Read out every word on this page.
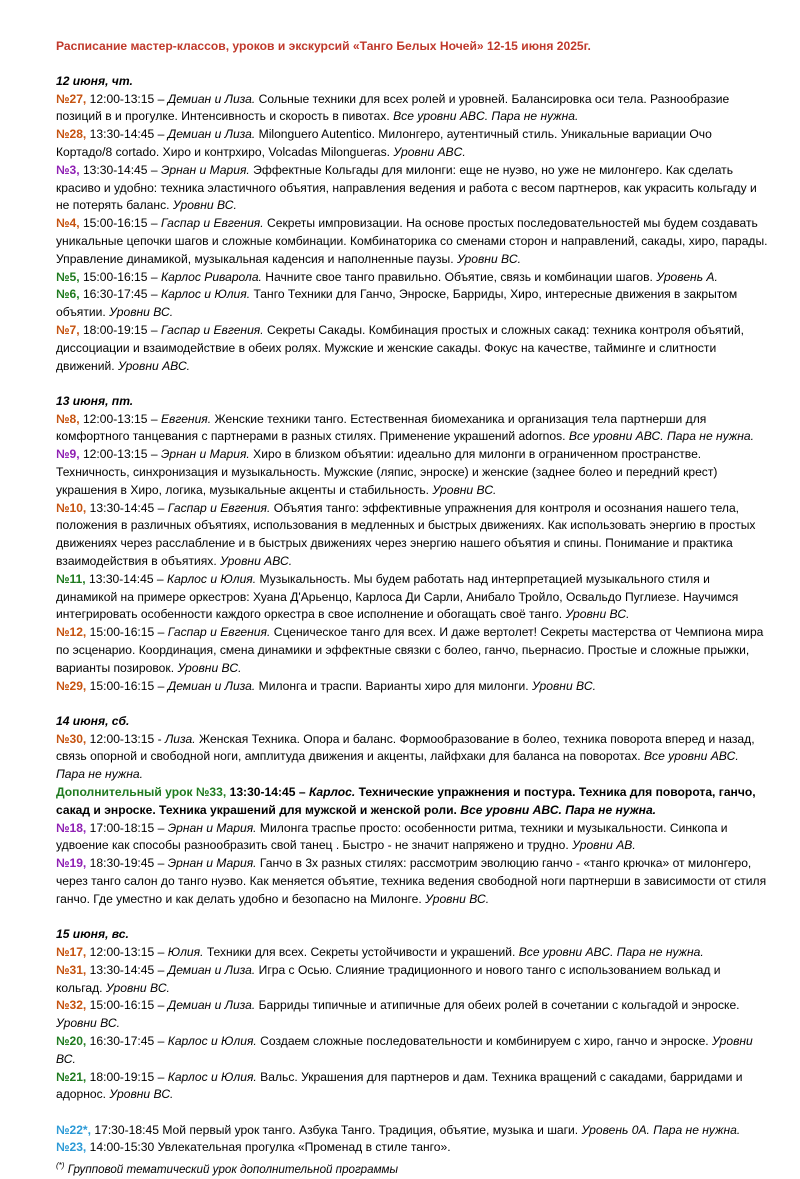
Расписание мастер-классов, уроков и экскурсий «Танго Белых Ночей» 12-15 июня 2025г.
12 июня, чт.
№27, 12:00-13:15 – Демиан и Лиза. Сольные техники для всех ролей и уровней. Балансировка оси тела. Разнообразие позиций в и прогулке. Интенсивность и скорость в пивотах. Все уровни ABC. Пара не нужна.
№28, 13:30-14:45 – Демиан и Лиза. Milonguero Autentico. Милонгеро, аутентичный стиль. Уникальные вариации Очо Кортадо/8 cortado. Хиро и контрхиро, Volcadas Milongueras. Уровни ABC.
№3, 13:30-14:45 – Эрнан и Мария. Эффектные Кольгады для милонги: еще не нуэво, но уже не милонгеро. Как сделать красиво и удобно: техника эластичного объятия, направления ведения и работа с весом партнеров, как украсить кольгаду и не потерять баланс. Уровни ВС.
№4, 15:00-16:15 – Гаспар и Евгения. Секреты импровизации. На основе простых последовательностей мы будем создавать уникальные цепочки шагов и сложные комбинации. Комбинаторика со сменами сторон и направлений, сакады, хиро, парады. Управление динамикой, музыкальная каденсия и наполненные паузы. Уровни ВС.
№5, 15:00-16:15 – Карлос Риварола. Начните свое танго правильно. Объятие, связь и комбинации шагов. Уровень А.
№6, 16:30-17:45 – Карлос и Юлия. Танго Техники для Ганчо, Энроске, Барриды, Хиро, интересные движения в закрытом объятии. Уровни ВС.
№7, 18:00-19:15 – Гаспар и Евгения. Секреты Сакады. Комбинация простых и сложных сакад: техника контроля объятий, диссоциации и взаимодействие в обеих ролях. Мужские и женские сакады. Фокус на качестве, тайминге и слитности движений. Уровни АВС.
13 июня, пт.
№8, 12:00-13:15 – Евгения. Женские техники танго. Естественная биомеханика и организация тела партнерши для комфортного танцевания с партнерами в разных стилях. Применение украшений adornos. Все уровни АВС. Пара не нужна.
№9, 12:00-13:15 – Эрнан и Мария. Хиро в близком объятии: идеально для милонги в ограниченном пространстве. Техничность, синхронизация и музыкальность. Мужские (ляпис, энроске) и женские (заднее болео и передний крест) украшения в Хиро, логика, музыкальные акценты и стабильность. Уровни ВС.
№10, 13:30-14:45 – Гаспар и Евгения. Объятия танго: эффективные упражнения для контроля и осознания нашего тела, положения в различных объятиях, использования в медленных и быстрых движениях. Как использовать энергию в простых движениях через расслабление и в быстрых движениях через энергию нашего объятия и спины. Понимание и практика взаимодействия в объятиях. Уровни АВС.
№11, 13:30-14:45 – Карлос и Юлия. Музыкальность. Мы будем работать над интерпретацией музыкального стиля и динамикой на примере оркестров: Хуана Д'Арьенцо, Карлоса Ди Сарли, Анибало Тройло, Освальдо Пуглиезе. Научимся интегрировать особенности каждого оркестра в свое исполнение и обогащать своё танго. Уровни ВС.
№12, 15:00-16:15 – Гаспар и Евгения. Сценическое танго для всех. И даже вертолет! Секреты мастерства от Чемпиона мира по эсценарио. Координация, смена динамики и эффектные связки с болео, ганчо, пьернасио. Простые и сложные прыжки, варианты позировок. Уровни ВС.
№29, 15:00-16:15 – Демиан и Лиза. Милонга и траспи. Варианты хиро для милонги. Уровни ВС.
14 июня, сб.
№30, 12:00-13:15 - Лиза. Женская Техника. Опора и баланс. Формообразование в болео, техника поворота вперед и назад, связь опорной и свободной ноги, амплитуда движения и акценты, лайфхаки для баланса на поворотах. Все уровни АВС. Пара не нужна.
Дополнительный урок №33, 13:30-14:45 – Карлос. Технические упражнения и постура. Техника для поворота, ганчо, сакад и энроске. Техника украшений для мужской и женской роли. Все уровни АВС. Пара не нужна.
№18, 17:00-18:15 – Эрнан и Мария. Милонга траспье просто: особенности ритма, техники и музыкальности. Синкопа и удвоение как способы разнообразить свой танец . Быстро - не значит напряжено и трудно. Уровни АВ.
№19, 18:30-19:45 – Эрнан и Мария. Ганчо в 3х разных стилях: рассмотрим эволюцию ганчо - «танго крючка» от милонгеро, через танго салон до танго нуэво. Как меняется объятие, техника ведения свободной ноги партнерши в зависимости от стиля ганчо. Где уместно и как делать удобно и безопасно на Милонге. Уровни ВС.
15 июня, вс.
№17, 12:00-13:15 – Юлия. Техники для всех. Секреты устойчивости и украшений. Все уровни АВС. Пара не нужна.
№31, 13:30-14:45 – Демиан и Лиза. Игра с Осью. Слияние традиционного и нового танго с использованием волькад и кольгад. Уровни ВС.
№32, 15:00-16:15 – Демиан и Лиза. Барриды типичные и атипичные для обеих ролей в сочетании с кольгадой и энроске. Уровни ВС.
№20, 16:30-17:45 – Карлос и Юлия. Создаем сложные последовательности и комбинируем с хиро, ганчо и энроске. Уровни ВС.
№21, 18:00-19:15 – Карлос и Юлия. Вальс. Украшения для партнеров и дам. Техника вращений с сакадами, барридами и адорнос. Уровни ВС.
№22*, 17:30-18:45 Мой первый урок танго. Азбука Танго. Традиция, объятие, музыка и шаги. Уровень 0А. Пара не нужна.
№23, 14:00-15:30 Увлекательная прогулка «Променад в стиле танго».
(*) Групповой тематический урок дополнительной программы
